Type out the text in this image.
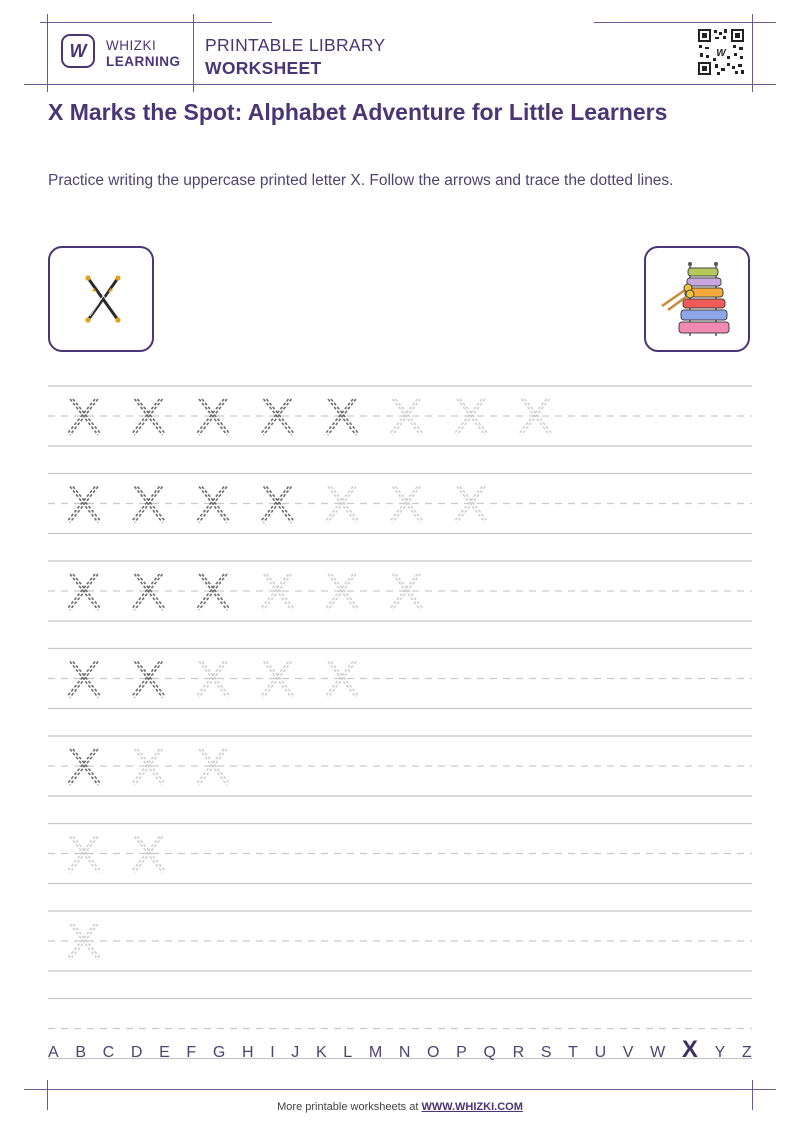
W WHIZKI
LEARNING
PRINTABLE LIBRARY
WORKSHEET
W
X Marks the Spot: Alphabet Adventure for Little Learners
Practice writing the uppercase printed letter X. Follow the arrows and trace the dotted lines.
A B C D E F G H I J K L M N O P Q R S T U V W X Y Z
More printable worksheets at WWW.WHIZKI.COM
